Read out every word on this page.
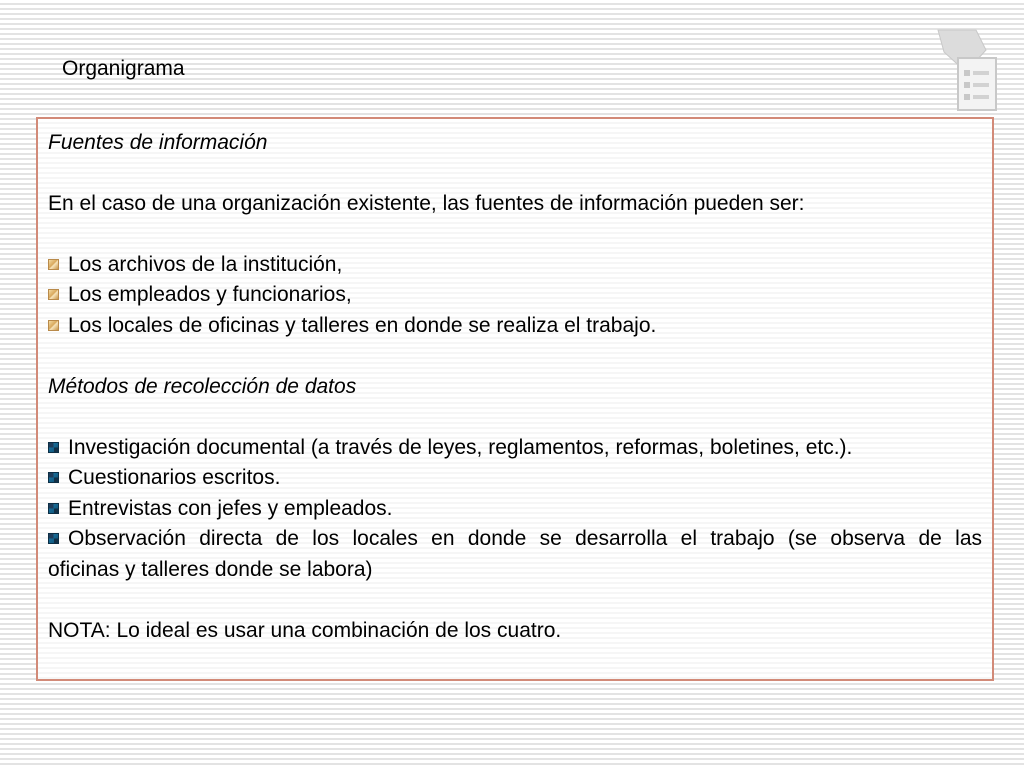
Organigrama
Fuentes de información
En el caso de una organización existente, las fuentes de información pueden ser:
Los archivos de la institución,
Los empleados y funcionarios,
Los locales de oficinas y talleres en donde se realiza el trabajo.
Métodos de recolección de datos
Investigación documental (a través de leyes, reglamentos, reformas, boletines, etc.).
Cuestionarios escritos.
Entrevistas con jefes y empleados.
Observación directa de los locales en donde se desarrolla el trabajo (se observa de las
oficinas y talleres donde se labora)
NOTA: Lo ideal es usar una combinación de los cuatro.
